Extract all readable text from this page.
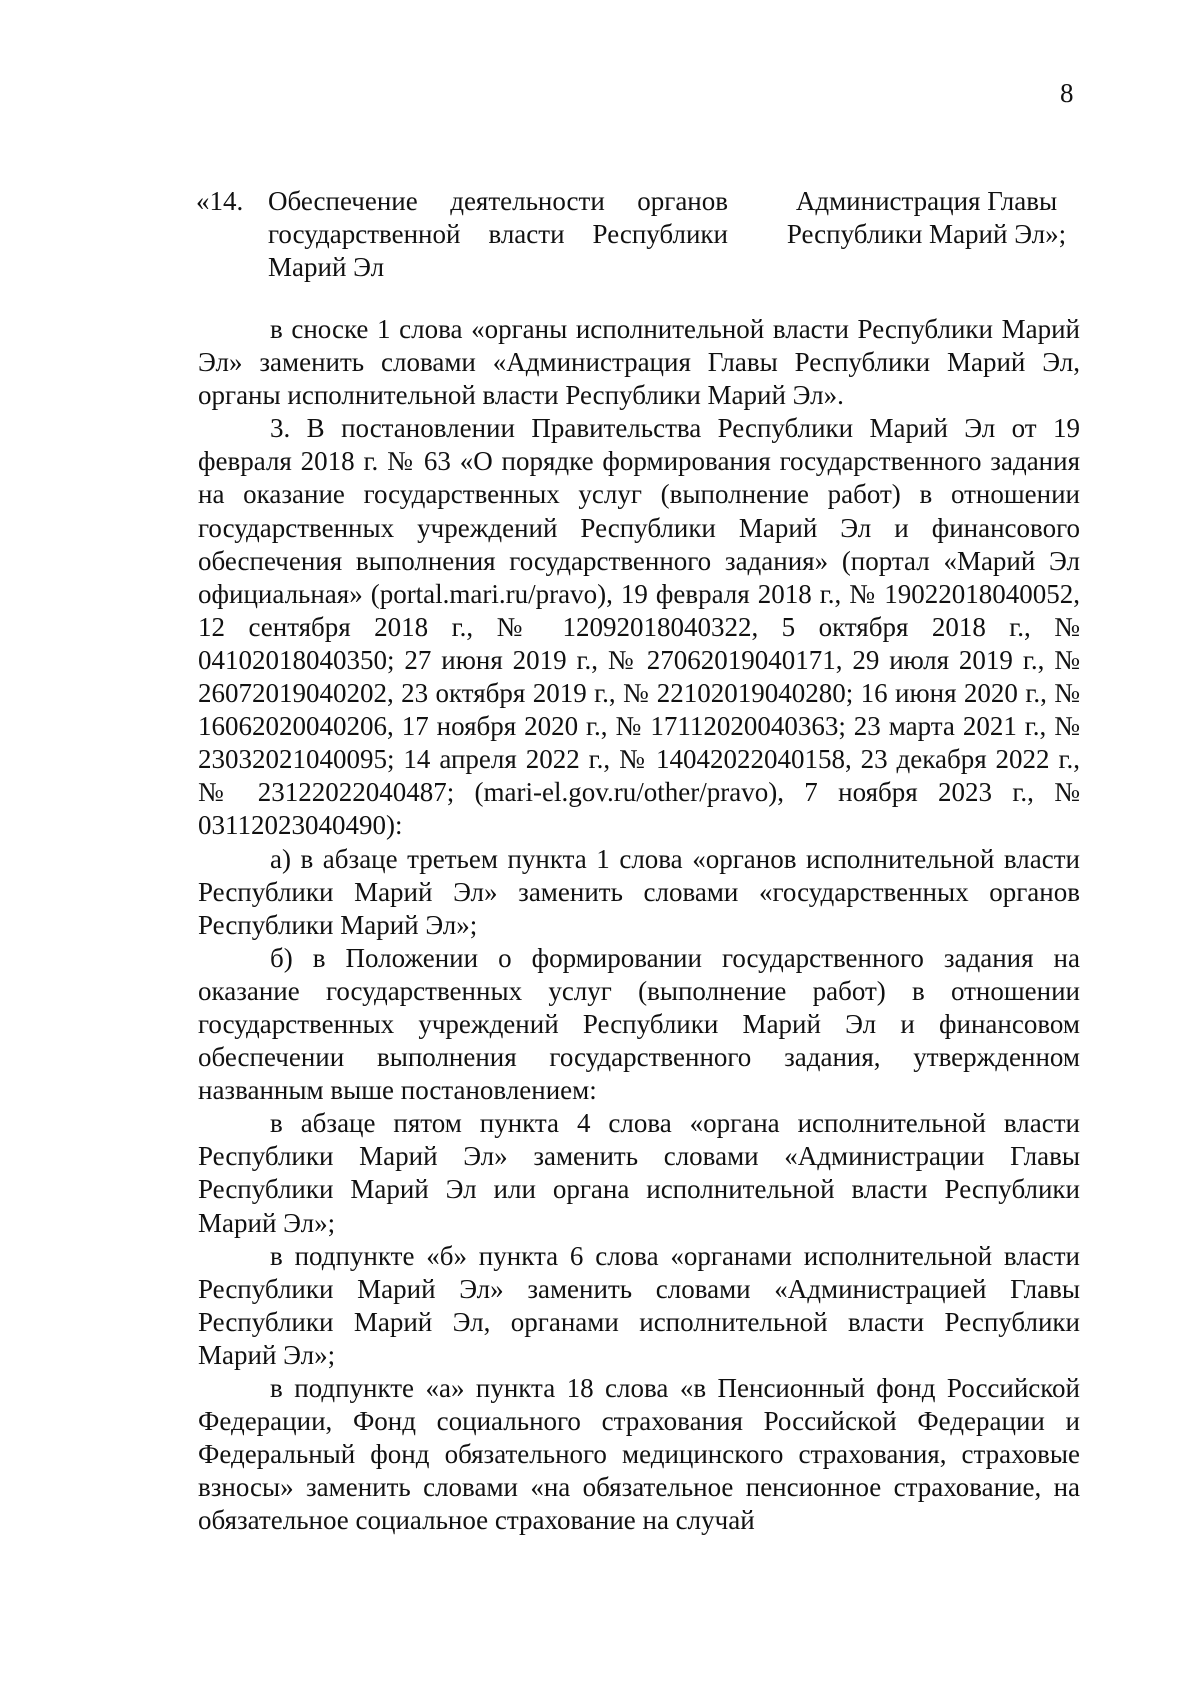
8
«14. Обеспечение деятельности органов
государственной власти Республики
Марий Эл
Администрация Главы Республики Марий Эл»;

в сноске 1 слова «органы исполнительной власти Республики Марий Эл» заменить словами «Администрация Главы Республики Марий Эл, органы исполнительной власти Республики Марий Эл».

3. В постановлении Правительства Республики Марий Эл от 19 февраля 2018 г. № 63 «О порядке формирования государственного задания на оказание государственных услуг (выполнение работ) в отношении государственных учреждений Республики Марий Эл и финансового обеспечения выполнения государственного задания» (портал «Марий Эл официальная» (portal.mari.ru/pravo), 19 февраля 2018 г., № 19022018040052, 12 сентября 2018 г., № 12092018040322, 5 октября 2018 г., № 04102018040350; 27 июня 2019 г., № 27062019040171, 29 июля 2019 г., № 26072019040202, 23 октября 2019 г., № 22102019040280; 16 июня 2020 г., № 16062020040206, 17 ноября 2020 г., № 17112020040363; 23 марта 2021 г., № 23032021040095; 14 апреля 2022 г., № 14042022040158, 23 декабря 2022 г., № 23122022040487; (mari-el.gov.ru/other/pravo), 7 ноября 2023 г., № 03112023040490):

а) в абзаце третьем пункта 1 слова «органов исполнительной власти Республики Марий Эл» заменить словами «государственных органов Республики Марий Эл»;

б) в Положении о формировании государственного задания на оказание государственных услуг (выполнение работ) в отношении государственных учреждений Республики Марий Эл и финансовом обеспечении выполнения государственного задания, утвержденном названным выше постановлением:

в абзаце пятом пункта 4 слова «органа исполнительной власти Республики Марий Эл» заменить словами «Администрации Главы Республики Марий Эл или органа исполнительной власти Республики Марий Эл»;

в подпункте «б» пункта 6 слова «органами исполнительной власти Республики Марий Эл» заменить словами «Администрацией Главы Республики Марий Эл, органами исполнительной власти Республики Марий Эл»;

в подпункте «а» пункта 18 слова «в Пенсионный фонд Российской Федерации, Фонд социального страхования Российской Федерации и Федеральный фонд обязательного медицинского страхования, страховые взносы» заменить словами «на обязательное пенсионное страхование, на обязательное социальное страхование на случай
